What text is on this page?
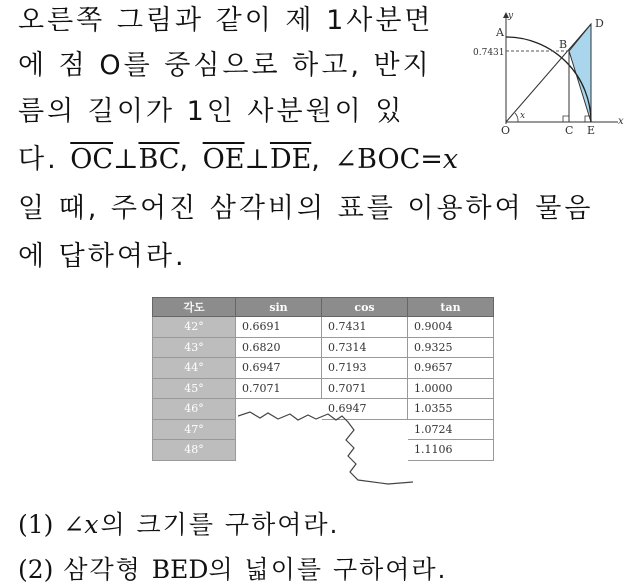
오른쪽 그림과 같이 제 1사분면
에 점 O를 중심으로 하고, 반지
름의 길이가 1인 사분원이 있
다. $\overline{OC}\perp\overline{BC}$, $\overline{OE}\perp\overline{DE}$, ∠BOC=x
일 때, 주어진 삼각비의 표를 이용하여 물음
에 답하여라.
y
x
A
B
D
O	C E
x
0.7431
각도	sin	cos	tan
42°	0.6691	0.7431	0.9004
43°	0.6820	0.7314	0.9325
44°	0.6947	0.7193	0.9657
45°	0.7071	0.7071	1.0000
46°		0.6947	1.0355
47°			1.0724
48°			1.1106
(1) ∠x의 크기를 구하여라.
(2) 삼각형 BED의 넓이를 구하여라.
